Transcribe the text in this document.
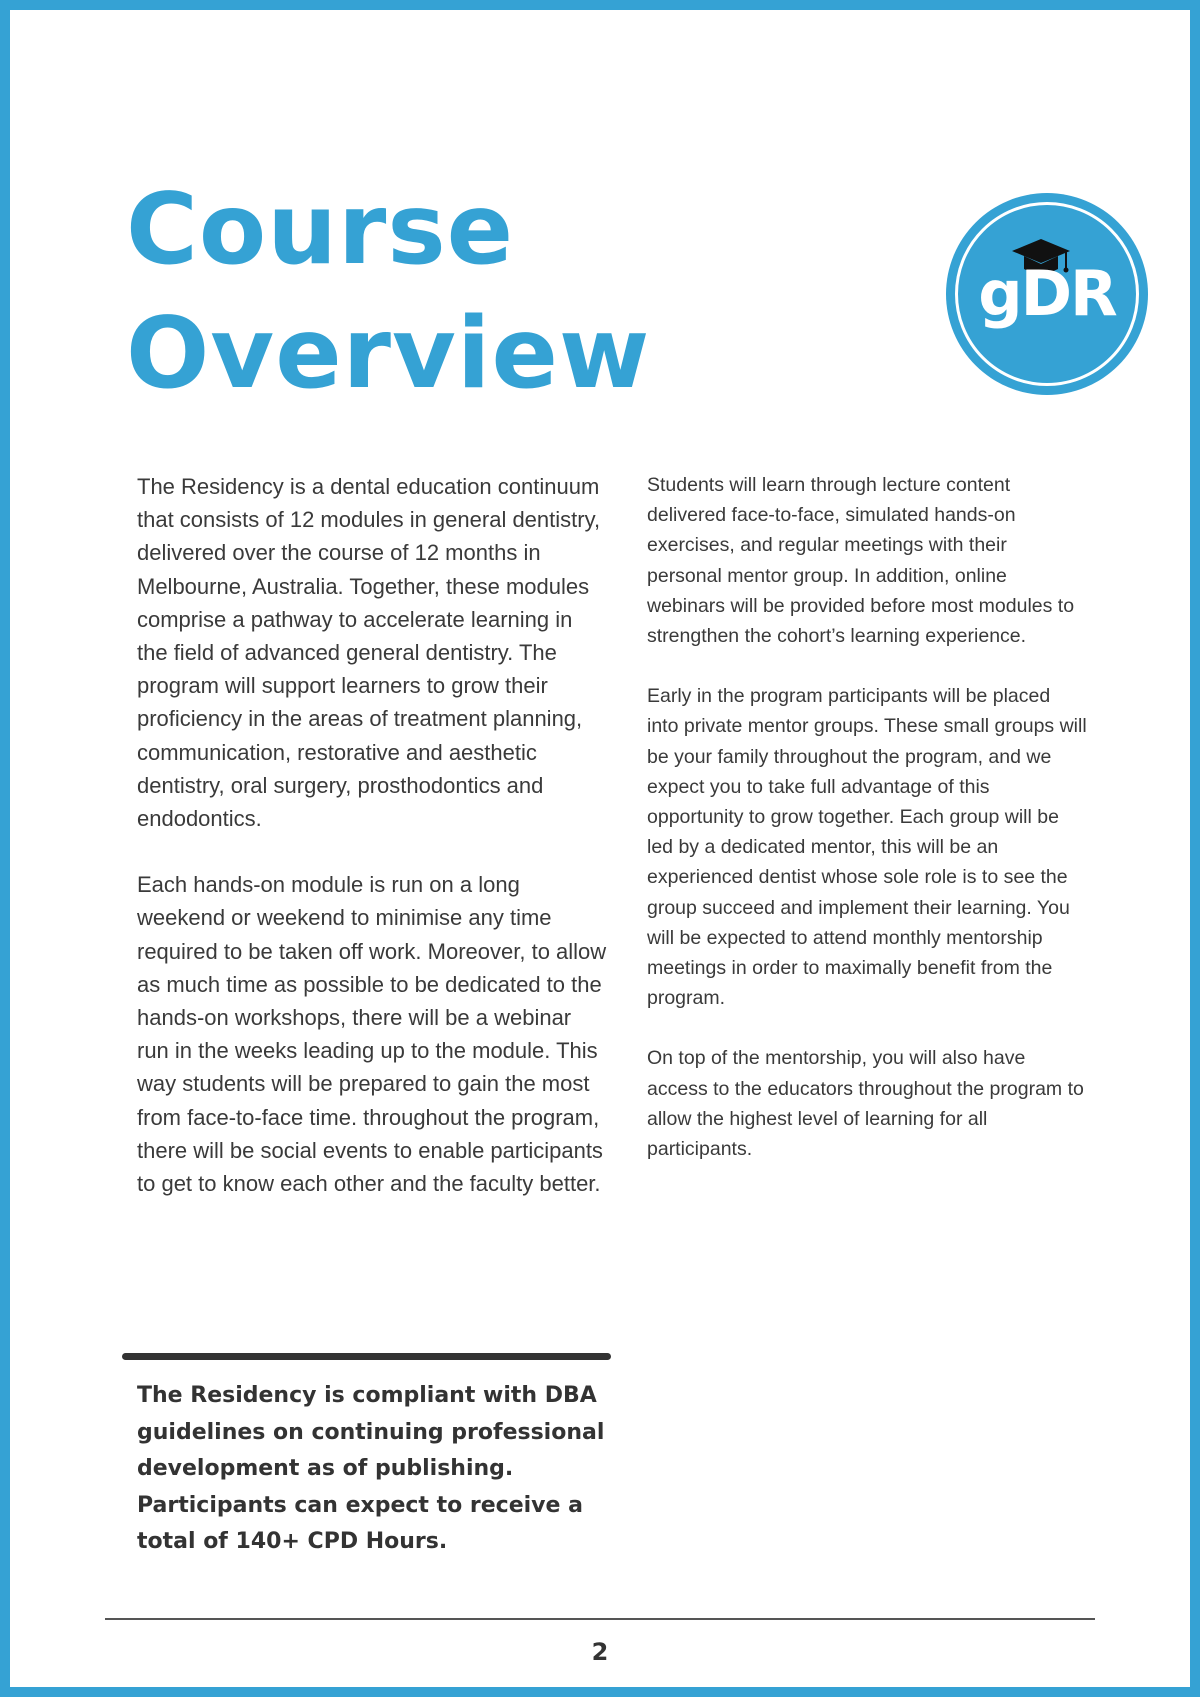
Course
Overview
gDR

The Residency is a dental education continuum that consists of 12 modules in general dentistry, delivered over the course of 12 months in Melbourne, Australia. Together, these modules comprise a pathway to accelerate learning in the field of advanced general dentistry. The program will support learners to grow their proficiency in the areas of treatment planning, communication, restorative and aesthetic dentistry, oral surgery, prosthodontics and endodontics.

Each hands-on module is run on a long weekend or weekend to minimise any time required to be taken off work. Moreover, to allow as much time as possible to be dedicated to the hands-on workshops, there will be a webinar run in the weeks leading up to the module. This way students will be prepared to gain the most from face-to-face time. throughout the program, there will be social events to enable participants to get to know each other and the faculty better.

Students will learn through lecture content delivered face-to-face, simulated hands-on exercises, and regular meetings with their personal mentor group. In addition, online webinars will be provided before most modules to strengthen the cohort’s learning experience.

Early in the program participants will be placed into private mentor groups. These small groups will be your family throughout the program, and we expect you to take full advantage of this opportunity to grow together. Each group will be led by a dedicated mentor, this will be an experienced dentist whose sole role is to see the group succeed and implement their learning. You will be expected to attend monthly mentorship meetings in order to maximally benefit from the program.

On top of the mentorship, you will also have access to the educators throughout the program to allow the highest level of learning for all participants.

The Residency is compliant with DBA guidelines on continuing professional development as of publishing. Participants can expect to receive a total of 140+ CPD Hours.

2
